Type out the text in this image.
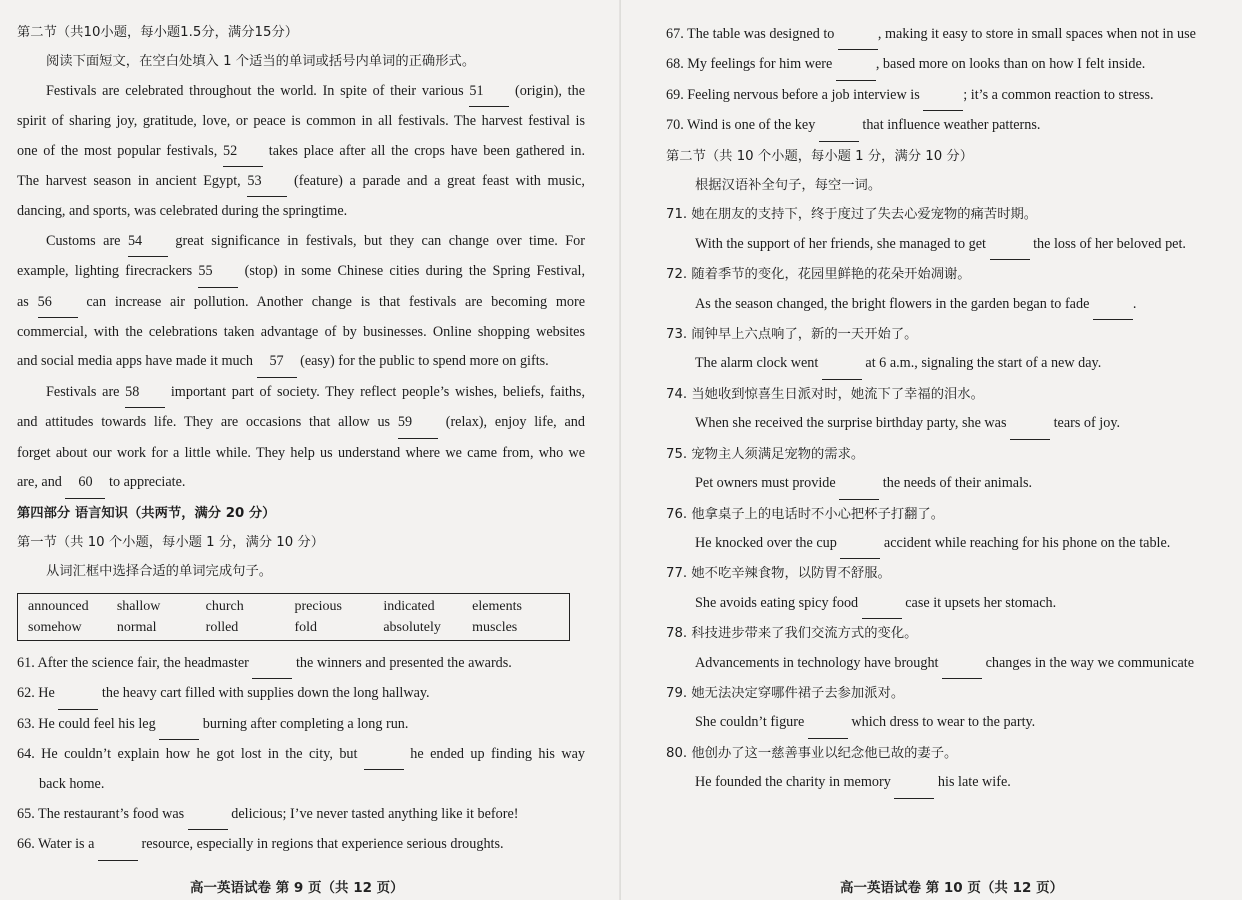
第二节（共10小题，每小题1.5分，满分15分）
阅读下面短文，在空白处填入 1 个适当的单词或括号内单词的正确形式。
Festivals are celebrated throughout the world. In spite of their various 51 (origin), the
spirit of sharing joy, gratitude, love, or peace is common in all festivals. The harvest festival is
one of the most popular festivals, 52 takes place after all the crops have been gathered in.
The harvest season in ancient Egypt, 53 (feature) a parade and a great feast with music,
dancing, and sports, was celebrated during the springtime.
Customs are 54 great significance in festivals, but they can change over time. For
example, lighting firecrackers 55 (stop) in some Chinese cities during the Spring Festival,
as 56 can increase air pollution. Another change is that festivals are becoming more
commercial, with the celebrations taken advantage of by businesses. Online shopping websites
and social media apps have made it much 57 (easy) for the public to spend more on gifts.
Festivals are 58 important part of society. They reflect people’s wishes, beliefs, faiths,
and attitudes towards life. They are occasions that allow us 59 (relax), enjoy life, and
forget about our work for a little while. They help us understand where we came from, who we
are, and 60 to appreciate.
第四部分 语言知识（共两节，满分 20 分）
第一节（共 10 个小题，每小题 1 分，满分 10 分）
从词汇框中选择合适的单词完成句子。
announced	shallow	church	precious	indicated	elements
somehow	normal	rolled	fold	absolutely	muscles
61. After the science fair, the headmaster	the winners and presented the awards.
62. He	the heavy cart filled with supplies down the long hallway.
63. He could feel his leg	burning after completing a long run.
64. He couldn’t explain how he got lost in the city, but	he ended up finding his way
back home.
65. The restaurant’s food was	delicious; I’ve never tasted anything like it before!
66. Water is a	resource, especially in regions that experience serious droughts.
67. The table was designed to	, making it easy to store in small spaces when not in use
68. My feelings for him were	, based more on looks than on how I felt inside.
69. Feeling nervous before a job interview is	; it’s a common reaction to stress.
70. Wind is one of the key	that influence weather patterns.
第二节（共 10 个小题，每小题 1 分，满分 10 分）
根据汉语补全句子，每空一词。
71. 她在朋友的支持下，终于度过了失去心爱宠物的痛苦时期。
With the support of her friends, she managed to get	the loss of her beloved pet.
72. 随着季节的变化，花园里鲜艳的花朵开始凋谢。
As the season changed, the bright flowers in the garden began to fade	.
73. 闹钟早上六点响了，新的一天开始了。
The alarm clock went	at 6 a.m., signaling the start of a new day.
74. 当她收到惊喜生日派对时，她流下了幸福的泪水。
When she received the surprise birthday party, she was	tears of joy.
75. 宠物主人须满足宠物的需求。
Pet owners must provide	the needs of their animals.
76. 他拿桌子上的电话时不小心把杯子打翻了。
He knocked over the cup	accident while reaching for his phone on the table.
77. 她不吃辛辣食物，以防胃不舒服。
She avoids eating spicy food	case it upsets her stomach.
78. 科技进步带来了我们交流方式的变化。
Advancements in technology have brought	changes in the way we communicate
79. 她无法决定穿哪件裙子去参加派对。
She couldn’t figure	which dress to wear to the party.
80. 他创办了这一慈善事业以纪念他已故的妻子。
He founded the charity in memory	his late wife.
高一英语试卷 第 9 页（共 12 页）	高一英语试卷 第 10 页（共 12 页）
